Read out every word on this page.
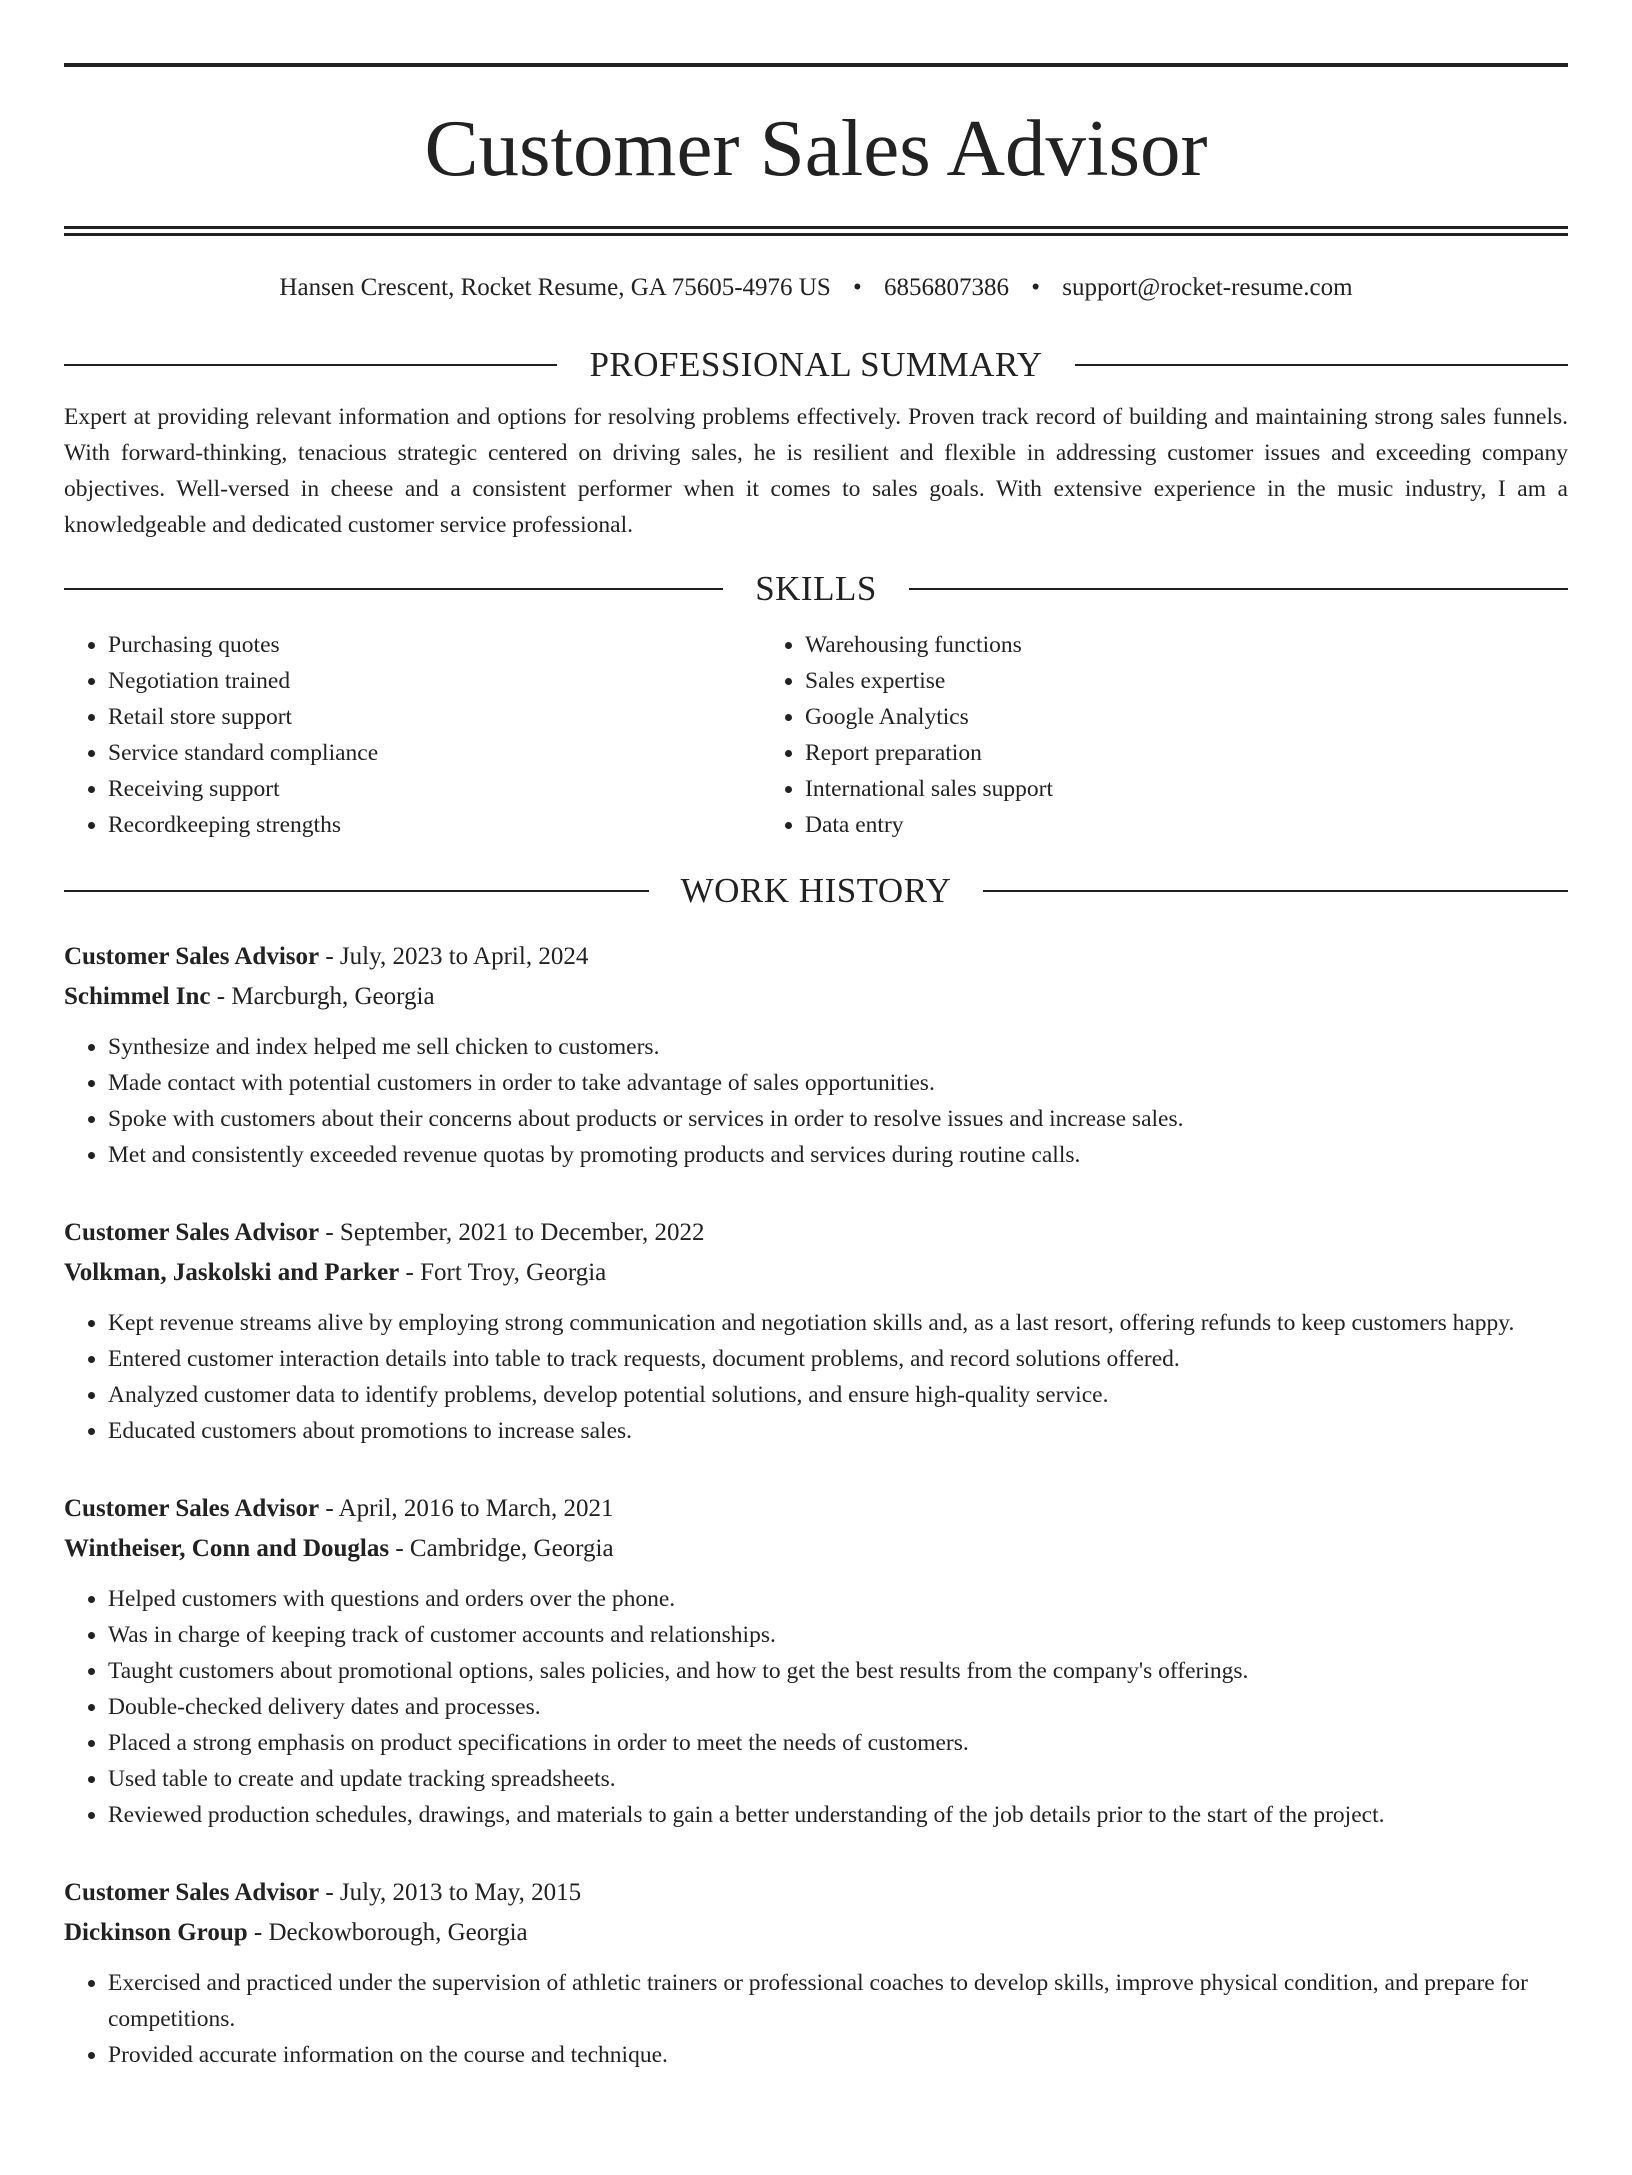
Customer Sales Advisor
Hansen Crescent, Rocket Resume, GA 75605-4976 US • 6856807386 • support@rocket-resume.com
PROFESSIONAL SUMMARY

Expert at providing relevant information and options for resolving problems effectively. Proven track record of building and maintaining strong sales funnels. With forward-thinking, tenacious strategic centered on driving sales, he is resilient and flexible in addressing customer issues and exceeding company objectives. Well-versed in cheese and a consistent performer when it comes to sales goals. With extensive experience in the music industry, I am a knowledgeable and dedicated customer service professional.

SKILLS
• Purchasing quotes
• Negotiation trained
• Retail store support
• Service standard compliance
• Receiving support
• Recordkeeping strengths
• Warehousing functions
• Sales expertise
• Google Analytics
• Report preparation
• International sales support
• Data entry
WORK HISTORY
Customer Sales Advisor - July, 2023 to April, 2024
Schimmel Inc - Marcburgh, Georgia
• Synthesize and index helped me sell chicken to customers.
• Made contact with potential customers in order to take advantage of sales opportunities.
• Spoke with customers about their concerns about products or services in order to resolve issues and increase sales.
• Met and consistently exceeded revenue quotas by promoting products and services during routine calls.
Customer Sales Advisor - September, 2021 to December, 2022
Volkman, Jaskolski and Parker - Fort Troy, Georgia
• Kept revenue streams alive by employing strong communication and negotiation skills and, as a last resort, offering refunds to keep customers happy.
• Entered customer interaction details into table to track requests, document problems, and record solutions offered.
• Analyzed customer data to identify problems, develop potential solutions, and ensure high-quality service.
• Educated customers about promotions to increase sales.
Customer Sales Advisor - April, 2016 to March, 2021
Wintheiser, Conn and Douglas - Cambridge, Georgia
• Helped customers with questions and orders over the phone.
• Was in charge of keeping track of customer accounts and relationships.
• Taught customers about promotional options, sales policies, and how to get the best results from the company's offerings.
• Double-checked delivery dates and processes.
• Placed a strong emphasis on product specifications in order to meet the needs of customers.
• Used table to create and update tracking spreadsheets.
• Reviewed production schedules, drawings, and materials to gain a better understanding of the job details prior to the start of the project.
Customer Sales Advisor - July, 2013 to May, 2015
Dickinson Group - Deckowborough, Georgia
• Exercised and practiced under the supervision of athletic trainers or professional coaches to develop skills, improve physical condition, and prepare for competitions.
• Provided accurate information on the course and technique.
